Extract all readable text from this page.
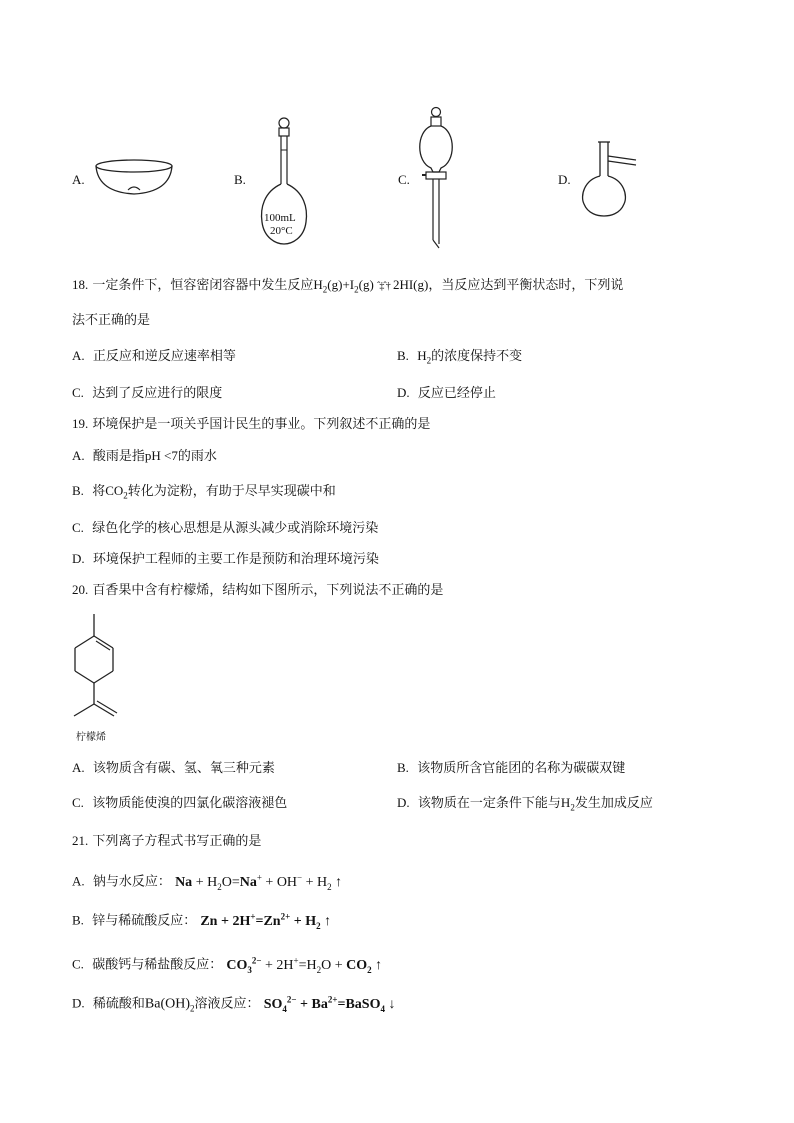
A.	B.
100mL
20°C
C.	D.
18. 一定条件下，恒容密闭容器中发生反应$H_2(g)+I_2(g)$ ˆ‡ˆ† 2HI(g)，当反应达到平衡状态时，下列说
法不正确的是
A. 正反应和逆反应速率相等	B. $H_2$的浓度保持不变
C. 达到了反应进行的限度	D. 反应已经停止
19. 环境保护是一项关乎国计民生的事业。下列叙述不正确的是
A. 酸雨是指pH <7的雨水
B. 将$CO_2$转化为淀粉，有助于尽早实现碳中和
C. 绿色化学的核心思想是从源头减少或消除环境污染
D. 环境保护工程师的主要工作是预防和治理环境污染
20. 百香果中含有柠檬烯，结构如下图所示，下列说法不正确的是
柠檬烯
A. 该物质含有碳、氢、氧三种元素	B. 该物质所含官能团的名称为碳碳双键
C. 该物质能使溴的四氯化碳溶液褪色	D. 该物质在一定条件下能与$H_2$发生加成反应
21. 下列离子方程式书写正确的是
A. 钠与水反应： $Na + H_2O=Na^+ + OH^- + H_2$ ↑
B. 锌与稀硫酸反应： $Zn + 2H^+=Zn^{2+} + H_2$ ↑
C. 碳酸钙与稀盐酸反应： $CO_3^{2-} + 2H^+=H_2O + CO_2$ ↑
D. 稀硫酸和$Ba(OH)_2$溶液反应： $SO_4^{2-}$ + $Ba^{2+}=BaSO_4$ ↓
